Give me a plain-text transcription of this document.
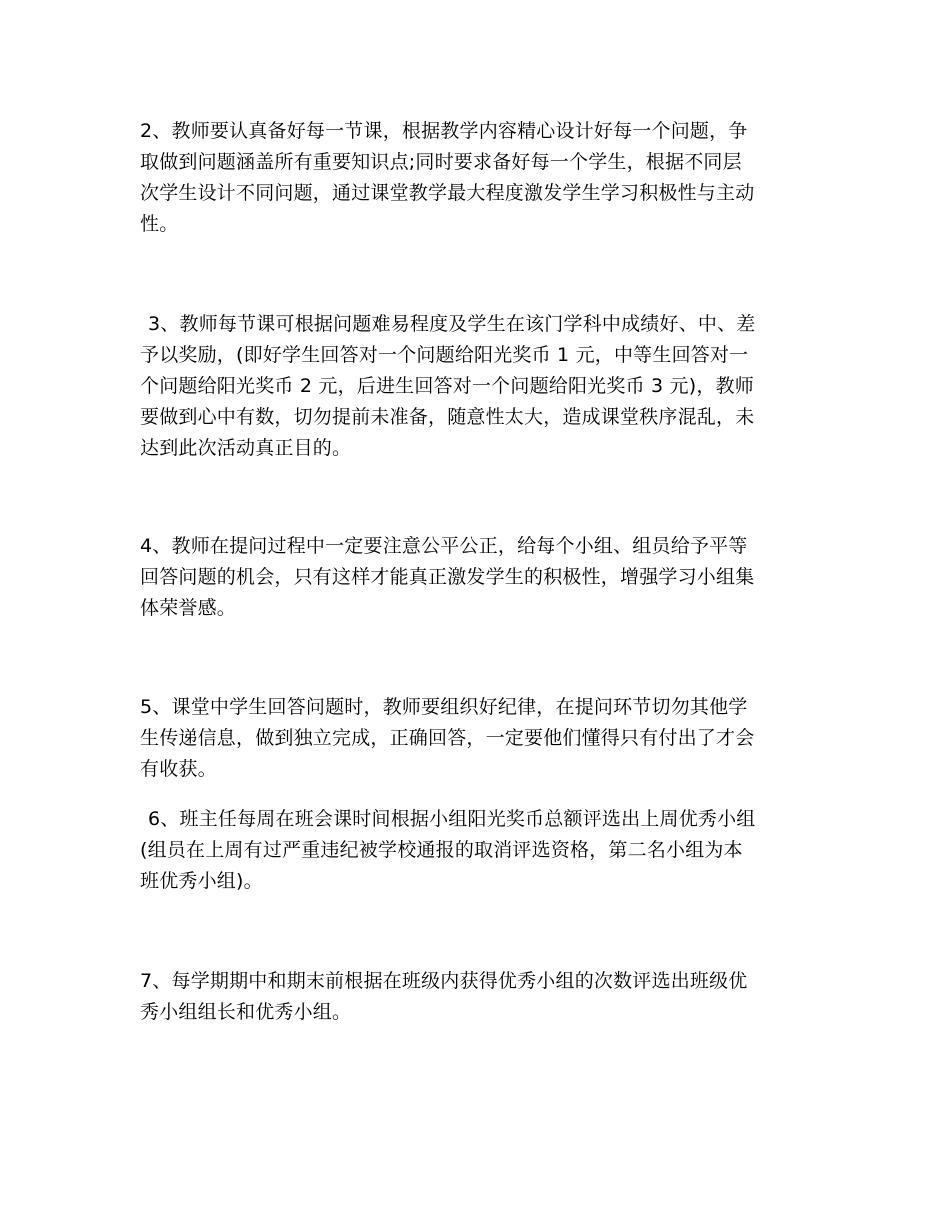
2、教师要认真备好每一节课，根据教学内容精心设计好每一个问题，争
取做到问题涵盖所有重要知识点;同时要求备好每一个学生，根据不同层
次学生设计不同问题，通过课堂教学最大程度激发学生学习积极性与主动
性。
3、教师每节课可根据问题难易程度及学生在该门学科中成绩好、中、差
予以奖励，(即好学生回答对一个问题给阳光奖币 1 元，中等生回答对一
个问题给阳光奖币 2 元，后进生回答对一个问题给阳光奖币 3 元)，教师
要做到心中有数，切勿提前未准备，随意性太大，造成课堂秩序混乱，未
达到此次活动真正目的。
4、教师在提问过程中一定要注意公平公正，给每个小组、组员给予平等
回答问题的机会，只有这样才能真正激发学生的积极性，增强学习小组集
体荣誉感。
5、课堂中学生回答问题时，教师要组织好纪律，在提问环节切勿其他学
生传递信息，做到独立完成，正确回答，一定要他们懂得只有付出了才会
有收获。
6、班主任每周在班会课时间根据小组阳光奖币总额评选出上周优秀小组
(组员在上周有过严重违纪被学校通报的取消评选资格，第二名小组为本
班优秀小组)。
7、每学期期中和期末前根据在班级内获得优秀小组的次数评选出班级优
秀小组组长和优秀小组。
